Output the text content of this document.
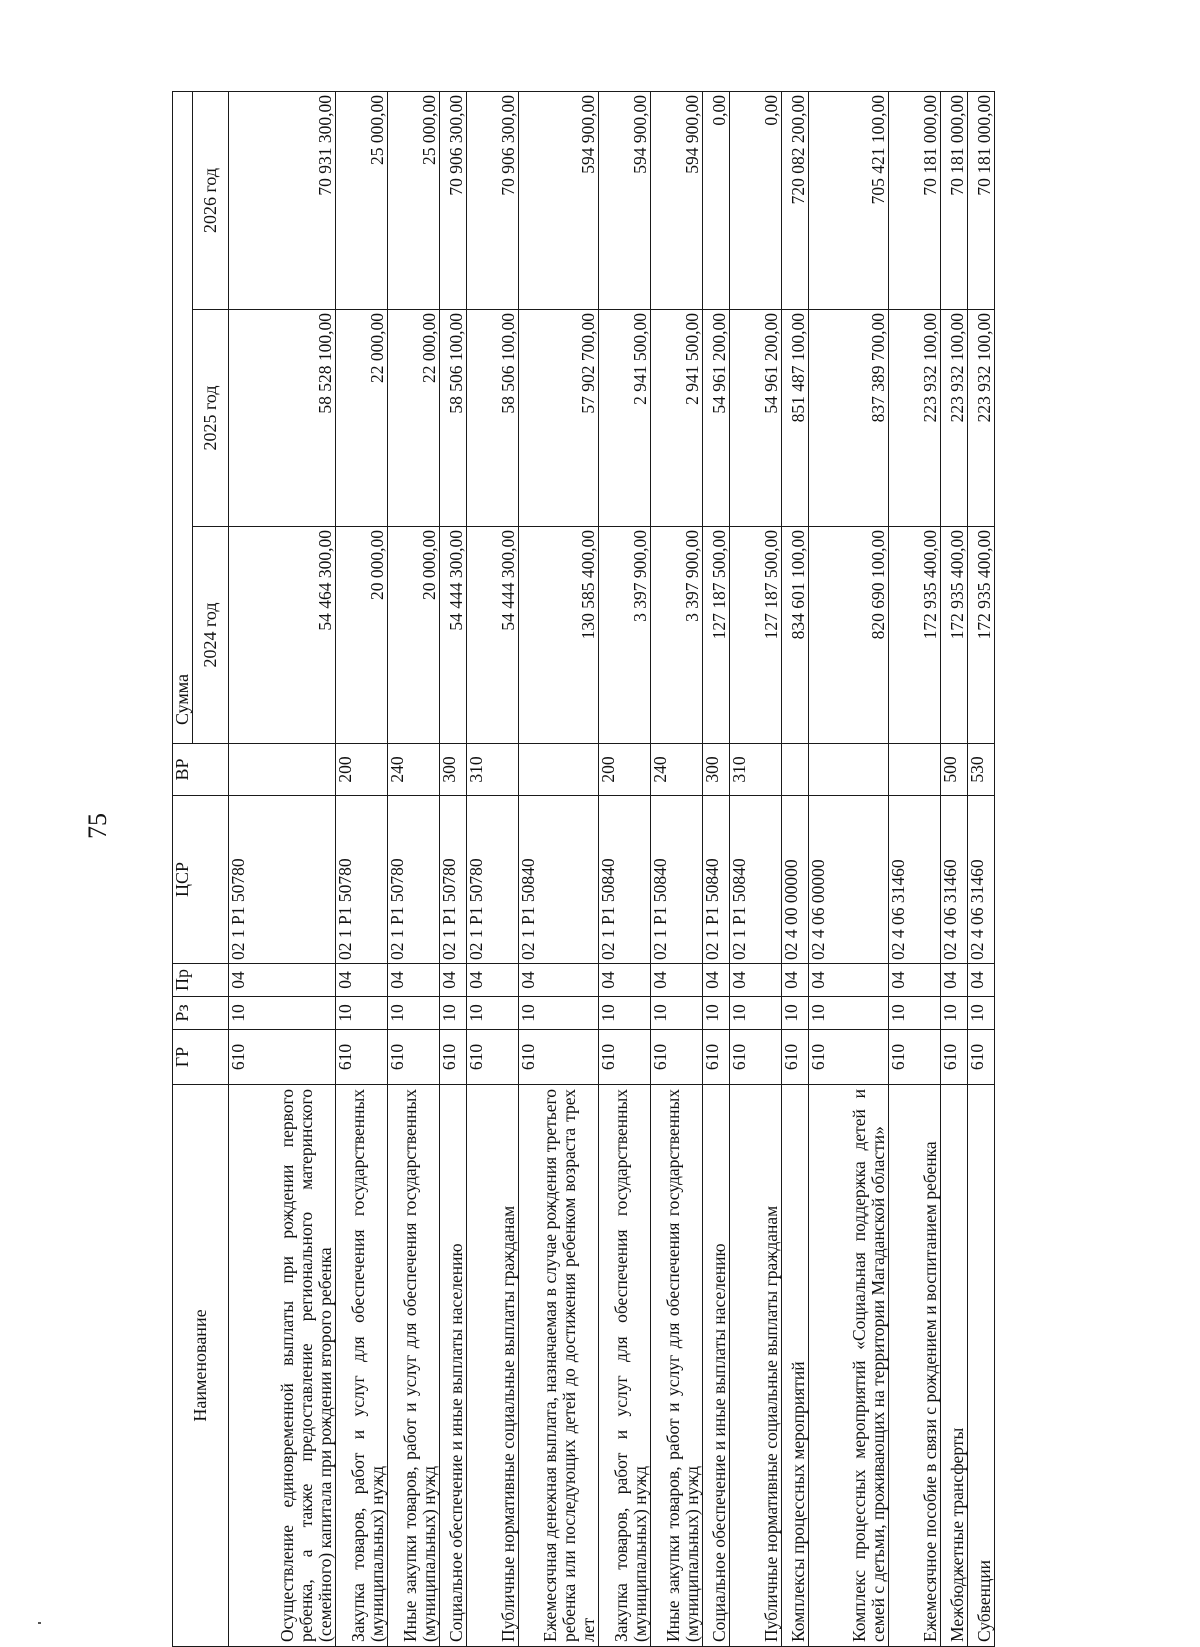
75
Наименование	ГР	Рз	Пр	ЦСР	ВР	Сумма		
						2024 год	2025 год	2026 год
Осуществление единовременной выплаты при рождении первого ребенка, а также предоставление регионального материнского (семейного) капитала при рождении второго ребенка	610	10	04	02 1 Р1 50780		54 464 300,00	58 528 100,00	70 931 300,00
Закупка товаров, работ и услуг для обеспечения государственных (муниципальных) нужд	610	10	04	02 1 Р1 50780	200	20 000,00	22 000,00	25 000,00
Иные закупки товаров, работ и услуг для обеспечения государственных (муниципальных) нужд	610	10	04	02 1 Р1 50780	240	20 000,00	22 000,00	25 000,00
Социальное обеспечение и иные выплаты населению	610	10	04	02 1 Р1 50780	300	54 444 300,00	58 506 100,00	70 906 300,00
Публичные нормативные социальные выплаты гражданам	610	10	04	02 1 Р1 50780	310	54 444 300,00	58 506 100,00	70 906 300,00
Ежемесячная денежная выплата, назначаемая в случае рождения третьего ребенка или последующих детей до достижения ребенком возраста трех лет	610	10	04	02 1 Р1 50840		130 585 400,00	57 902 700,00	594 900,00
Закупка товаров, работ и услуг для обеспечения государственных (муниципальных) нужд	610	10	04	02 1 Р1 50840	200	3 397 900,00	2 941 500,00	594 900,00
Иные закупки товаров, работ и услуг для обеспечения государственных (муниципальных) нужд	610	10	04	02 1 Р1 50840	240	3 397 900,00	2 941 500,00	594 900,00
Социальное обеспечение и иные выплаты населению	610	10	04	02 1 Р1 50840	300	127 187 500,00	54 961 200,00	0,00
Публичные нормативные социальные выплаты гражданам	610	10	04	02 1 Р1 50840	310	127 187 500,00	54 961 200,00	0,00
Комплексы процессных мероприятий	610	10	04	02 4 00 00000		834 601 100,00	851 487 100,00	720 082 200,00
Комплекс процессных мероприятий «Социальная поддержка детей и семей с детьми, проживающих на территории Магаданской области»	610	10	04	02 4 06 00000		820 690 100,00	837 389 700,00	705 421 100,00
Ежемесячное пособие в связи с рождением и воспитанием ребенка	610	10	04	02 4 06 31460		172 935 400,00	223 932 100,00	70 181 000,00
Межбюджетные трансферты	610	10	04	02 4 06 31460	500	172 935 400,00	223 932 100,00	70 181 000,00
Субвенции	610	10	04	02 4 06 31460	530	172 935 400,00	223 932 100,00	70 181 000,00
